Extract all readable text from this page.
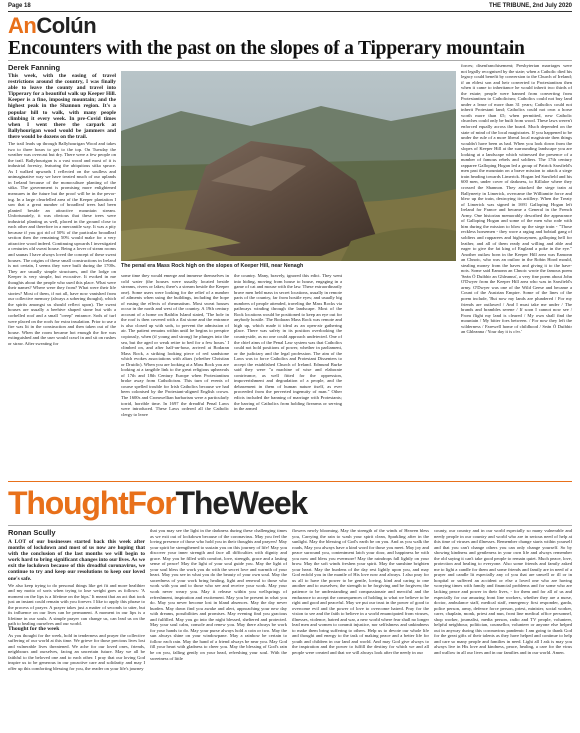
Page 18	THE TRIBUNE, 2nd July 2020
AnColún
Encounters with the past on the slopes of a Tipperary mountain
Derek Fanning

This week, with the easing of travel restrictions around the country, I was finally able to leave the county and travel into Tipperary for a beautiful walk up Keeper Hill. Keeper is a fine, imposing mountain; and the highest peak in the Shannon region. It's a popular hill to walk, with many people climbing it every week. In pre-Covid times when I went there the carpark at Ballyhourigan wood would be jammers and there would be dozens on the trail.

The trail leads up through Ballyhourigan Wood and takes two to three hours to get to the top. On Tuesday the weather was overcast but dry. There were a few people on the trail. Ballyhourigan is a vast wood and most of it is industrial forestry, featuring the ubiquitous sitka spruce. As I walked upwards I reflected on the soulless and unimaginative way we have treated much of our uplands in Ireland because of the monoculture planting of the sitka. The government is promising more enlightened measures in the future but the proof will be in the pevor-ing. In a large clearfelled area of the Keeper plantation I saw that a great number of broadleaf trees had been planted beside an attractive mountain stream. Unfortunately, it was obvious that these trees were industrial planting as well, placed in the ground close to each other and therefore in a mercantile way. It was a pity because if you got rid of 50% of the particular broadleaf section then the remaining 50% would make for a very attractive wood indeed. Continuing upwards I investigated a centuries old sweat house. Being a lover of steam rooms and saunas I have always loved the concept of these sweat houses. The origins of these small constructions in Ireland is not certain, I seems they were built during the 1700s. They are usually simple structures, and the lodge on Keeper is very simple, but evocative. It evoked in me thoughts about the people who used this place. What were their names? Where were they from? What were their life stories? Most of them, if not all, have now vanished from our collective memory (always a sobering thought), which the spirits amongst us should reflect upon). The sweat houses are usually a beehive shaped stone hut with a corbelled roof and a small "creep" entrance. Sods of turf were placed on the roofs for extra insulation. Prior to use a fire was lit in the construction and then taken out of the house. When the room became hot enough the fire was extinguished and the user would crawl in and sit on rushes or straw. After sweating for

The penal era Mass Rock high on the slopes of Keeper Hill, near Nenagh

some time they would emerge and immerse themselves in cold water (the houses were usually located beside streams, rivers or lakes; there's a stream beside the Keeper one). Some users were looking for the relief of a number of ailments when using the buildings, including the hope of easing the effects of rheumatism. Most sweat houses occur in the north and west of the country. A 19th century account of a home on Rathlin Island stated, 'The hole in the roof is then covered with a flat stone and the entrance is also closed up with sods, to prevent the admission of air. The patient remains within until he begins to perspire copiously, when (if young and strong) he plunges into the sea, but the aged or weak retire to bed for a few hours.' I climbed on, and after half-an-hour, arrived at Bodaran Mass Rock, a striking looking piece of red sandstone which evokes associations with altars (whether Christian or Druidic). When you are looking at a Mass Rock you are looking at a tangible link to the great religious upheavals of 17th and 18th Century Europe when Protestantism broke away from Catholicism. This turn of events of course spelled trouble for Irish Catholics because we had been colonised by the Protestant-aligned English crown. The 1600s and Cromwellian barbarism were a particularly torrid, horrible time. In 1697 the dreadful Penal Laws were introduced. These Laws ordered all the Catholic clergy to leave

the country. Many, bravely, ignored this edict. They went into hiding, moving from house to house, engaging in a game of cat and mouse with the law. These extraordinarily brave men held mass in secret locations, usually in remote parts of the country, far from hostile eyes; and usually big numbers of people attended, traveling the Mass Rocks via pathways winding through the landscape. Most of the Rock locations would be positioned to keep an eye out for anybody hostile. The Bodaran Mass Rock was remote and high up, which made it ideal as an open-air gathering place. There was safety in its position overlooking the countryside, as no one could approach undetected. One of the chief aims of the Penal Law system was that Catholics could not hold positions of power, whether in parliament, or the judiciary and the legal profession. The aim of the Laws was to force Catholics and Protestant Dissenters to accept the established Church of Ireland. Edmund Burke said they were "a machine of wise and elaborate contrivance, as well fitted for the oppression, impoverishment and degradation of a people, and the debasement in them of human nature itself, as ever proceeded from the perverted ingenuity of man." Other edicts included the banning of marriage with Protestants; the barring of Catholics from holding firearms or serving in the armed

forces; disenfranchisement; Presbyterian marriages were not legally recognised by the state; when a Catholic died his legacy could benefit by conversion to the Church of Ireland; if an eldest son and heir converted to Protestantism then when it came to inheritance he would inherit two thirds of the estate; people were banned from converting from Protestantism to Catholicism; Catholics could not buy land under a lease of more than 31 years; Catholics could not inherit Protestant land; Catholics could not own a horse worth more than £5; when permitted, new Catholic churches could only be built from wood. These laws weren't enforced equally across the board. Much depended on the state of mind of the local magistrates. If you happened to be under the rule of a more liberal local magistrate then things wouldn't have been as bad. When you look down from the slopes of Keeper Hill at the surrounding landscape you are looking at a landscape which witnessed the presence of a number of famous rebels and soldiers. The 17th century rapparee Galloping Hogan led a group of Patrick Sarsfield's men past the mountain on a brave mission to attack a siege train heading towards Limerick. Hogan led Sarsfield and his 600 men, under cover of darkness, to Killaloe where they crossed the Shannon. They attacked the siege train at Ballyneety in Limerick, overcame the Williamite force and blew up the train, destroying its artillery. When the Treaty of Limerick was signed in 1691 Galloping Hogan left Ireland for France and became a General in the French Army. One historian memorably described the appearance of Galloping Hogan and some of the men who rode with him during the mission to blow up the siege train - "Those reckless horsemen - they wore a ragtag and bobtail gang of soldiers and rapparees and highwaymen, galloping hell for leather, and all of them ready and willing and able and eager to give the fat king of England a poke in the eye." Another outlaw born in the Keeper Hill area was Eamonn an Chnoic, who was an outlaw in the Robin Hood mould, stealing money from the haves and giving it to the have-nots. Some said Eamonn an Chnoic wrote the famous poem 'Seán Ó Duibhir an Ghleanna', a very fine poem about John O'Dwyer from the Keeper Hill area who was in Sarsfield's army. O'Dwyer was one of the Wild Geese and became a Count of the Austrian Empire. Some of the lines of the poem include, 'But now my lands are plundered / For my friends are outlawed / And I must take me under / The brands and brambles serene / If soon I cannot now see / From flight my land is cleared / My own shall find the mountain / My bitter foes between. / For now they left the wilderness / Farewell home of childhood / Seán Ó Duibhir an Ghleanna / Your day it is o'er.'

ThoughtForTheWeek
Ronan Scully

A LOT of our businesses started back this week after months of lockdown and most of us now are hoping that with the conclusion of the last months we will begin to work hard to bring significant changes into our lives. As we exit the lockdown because of this dreadful coronavirus, we continue to try and keep our resolutions to keep our loved one's safe.

We also keep trying to do personal things like get fit and more healthier and my motto of sorts when trying to lose weight goes as follows: 'A moment on the lips is a lifetime on the hips.' It meant that an act that took just an instant could remain with you forever. I like to apply this phrase to the process of prayer. A prayer takes just a matter of seconds to utter, but its influence on our lives can be permanent. A moment in our lips is a lifetime in our souls. A simple prayer can change us, can lead us on the path to healing ourselves and our world.

Thought for the week

As you thought for the week, hold in tenderness and prayer the collective suffering of our world at this time. We grieve for those precious lives lost and vulnerable lives threatened. We ache for our loved ones, friends, neighbours and ourselves, facing an uncertain future. May we all be faithful to the beloved one and to each other. I pray that our loving God inspire us to be generous in our proactive care and solidarity and may I offer up this comforting blessing for you, the reader on your life's journey

that you may see the light in the darkness during these challenging times as we exit out of lockdown because of the coronavirus. May you feel the loving presence of those who hold you in their thoughts and prayers! May your spirit be strengthened to sustain you on this journey of life! May you discover your inner strength and face all difficulties with dignity and grace. May you be filled with comfort, love, strength, grace and a lasting sense of peace! May the light of your soul guide you. May the light of your soul bless the work you do with the secret love and warmth of your heart. May you see in what you do the beauty of your own soul. May the sacredness of your work bring healing, light and renewal to those who work with you and to those who see and receive your work. May your work never weary you. May it release within you wellsprings of refreshment, inspiration and excitement. May you be present in what you do. May you never become lost in bland absences. May the day never burden. May dawn find you awake and alert, approaching your new day with dreams, possibilities and promises. May evening find you gracious and fulfilled. May you go into the night blessed, sheltered and protected. May your soul calm, console and renew you. May there always be work for your hands to do. May your purse always hold a coin or two. May the sun always shine on your windowpane. May a rainbow be certain to follow each rain. May the hand of a friend always be near you. May God fill your heart with gladness to cheer you. May the blessing of God's rain be on you, falling gently on your head, refreshing your soul. With the sweetness of little

flowers newly blooming. May the strength of the winds of Heaven bless you, Carrying the rain to wash your spirit clean, Sparkling after in the sunlight. May the blessing of God's earth be on you. And as you walk the roads, May you always have a kind word for those you meet. May joy and peace surround you, contentment latch your door, and happiness be with you now and bless you evermore! May the raindrops fall lightly on your brow. May the soft winds freshen your spirit. May the sunshine brighten your heart. May the burdens of the day rest lightly upon you, and may God enfold you in the mantle of His love now and always. I also pray for us all to have the power to be gentle, loving, kind and caring to one another and to ourselves; the strength to be forgiving and be forgiven; the patience to be understanding and compassionate and merciful and the endurance to accept the consequences of holding to what we believe to be right and good and peaceful. May we put our trust in the power of good to overcome evil and the power of love to overcome hatred. Pray for the vision to see and the faith to believe in a world emancipated from viruses, illnesses, violence, hatred and war, a new world where fear shall no longer lead men and women to commit injustice, nor selfishness and unkindness to make them bring suffering to others. Help us to devote our whole life and thought and energy to the task of making peace and a better life for youth and children in our land and world. And may God give always to the inspiration and the power to fulfill the destiny for which we and all people were created and that we will always look after the needy in our

county, our country and in our world especially so many vulnerable and needy people in our country and world who are in serious need of help at this time of viruses and illnesses. Remember change starts within yourself and that you can't change others you can only change yourself. So by showing kindness and gentleness in your own life and always remember the old saying it can't take good people to remain quiet. Much peace, love, protection and healing to everyone. Also some friends and family asked me to light a candle for them and some friends and family are in need of a prayer and candle lit especially any of you that are unwell or ill or in hospital or suffered an accident or else a loved one who are having worrying times with family and financial problems and for some who are lacking peace and power in their lives, - for them and for all of us and especially for our amazing front line workers, whether they are a nurse, doctor, ambulance staff, medical staff, emergency first responder, garda, police person, army, defence force person, priest, minister, social worker, carer, chaplain, monk, priest and nun, front line medical office personnel, shop worker, journalist, media person, radio and TV people, volunteer, helpful neighbour, politician, counsellor, volunteer or anyone else helped out in anyway during this coronavirus pandemic I am going to thank God for the great gifts of their talents as they have helped and continue to help and care so many people and families in need. Light all I ask is may you always live in His love and kindness, peace, healing, a care for the virus and wallow in all our lives and in our families and in our world. Amen.
